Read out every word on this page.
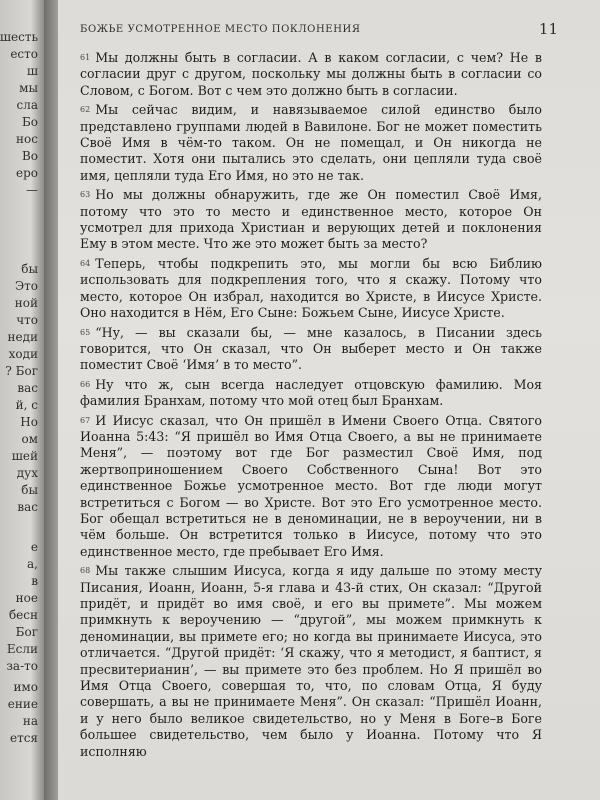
шесть
есто
ш
мы
сла
Бо
нос
Во
еро
—
бы
Это
ной
что
неди
ходи
? Бог
вас
й, с
Но
ом
шей
дух
бы
вас
е
а,
в
ное
бесн
Бог
Если
за-то
имо
ение
на
ется
БОЖЬЕ УСМОТРЕННОЕ МЕСТО ПОКЛОНЕНИЯ	11

$^{61}$ Мы должны быть в согласии. А в каком согласии, с чем? Не в согласии друг с другом, поскольку мы должны быть в согласии со Словом, с Богом. Вот с чем это должно быть в согласии.

$^{62}$ Мы сейчас видим, и навязываемое силой единство было представлено группами людей в Вавилоне. Бог не может поместить Своё Имя в чём-то таком. Он не помещал, и Он никогда не поместит. Хотя они пытались это сделать, они цепляли туда своё имя, цепляли туда Его Имя, но это не так.

$^{63}$ Но мы должны обнаружить, где же Он поместил Своё Имя, потому что это то место и единственное место, которое Он усмотрел для прихода Христиан и верующих детей и поклонения Ему в этом месте. Что же это может быть за место?

$^{64}$ Теперь, чтобы подкрепить это, мы могли бы всю Библию использовать для подкрепления того, что я скажу. Потому что место, которое Он избрал, находится во Христе, в Иисусе Христе. Оно находится в Нём, Его Сыне: Божьем Сыне, Иисусе Христе.

$^{65}$ “Ну, — вы сказали бы, — мне казалось, в Писании здесь говорится, что Он сказал, что Он выберет место и Он также поместит Своё ‘Имя’ в то место”.

$^{66}$ Ну что ж, сын всегда наследует отцовскую фамилию. Моя фамилия Бранхам, потому что мой отец был Бранхам.

$^{67}$ И Иисус сказал, что Он пришёл в Имени Своего Отца. Святого Иоанна 5:43: “Я пришёл во Имя Отца Своего, а вы не принимаете Меня”, — поэтому вот где Бог разместил Своё Имя, под жертвоприношением Своего Собственного Сына! Вот это единственное Божье усмотренное место. Вот где люди могут встретиться с Богом — во Христе. Вот это Его усмотренное место. Бог обещал встретиться не в деноминации, не в вероучении, ни в чём больше. Он встретится только в Иисусе, потому что это единственное место, где пребывает Его Имя.

$^{68}$ Мы также слышим Иисуса, когда я иду дальше по этому месту Писания, Иоанн, Иоанн, 5-я глава и 43-й стих, Он сказал: “Другой придёт, и придёт во имя своё, и его вы примете”. Мы можем примкнуть к вероучению — “другой”, мы можем примкнуть к деноминации, вы примете его; но когда вы принимаете Иисуса, это отличается. “Другой придёт: ‘Я скажу, что я методист, я баптист, я пресвитерианин’, — вы примете это без проблем. Но Я пришёл во Имя Отца Своего, совершая то, что, по словам Отца, Я буду совершать, а вы не принимаете Меня”. Он сказал: “Пришёл Иоанн, и у него было великое свидетельство, но у Меня в Боге–в Боге большее свидетельство, чем было у Иоанна. Потому что Я исполняю
